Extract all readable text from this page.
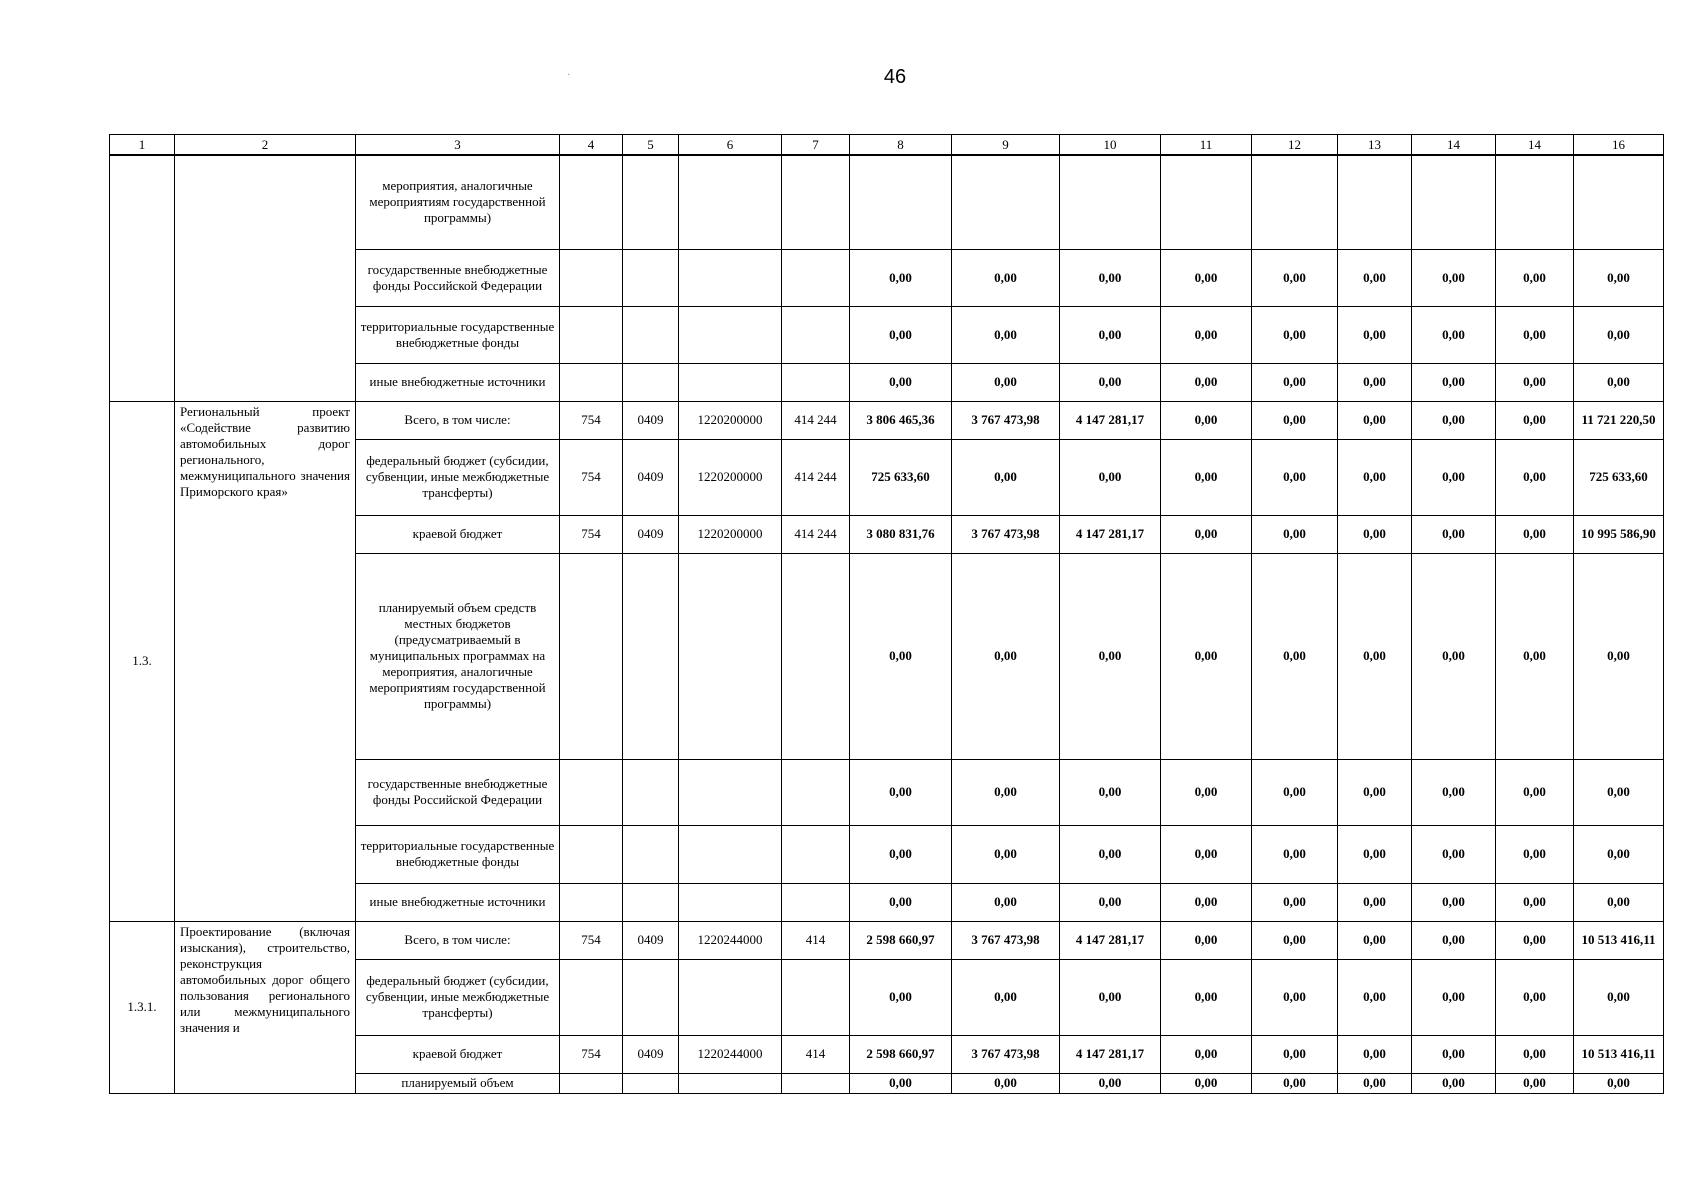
46
·
1	2	3	4	5	6	7	8	9	10	11	12	13	14	14	16
		мероприятия, аналогичные мероприятиям государственной программы)													
		государственные внебюджетные фонды Российской Федерации					0,00	0,00	0,00	0,00	0,00	0,00	0,00	0,00	0,00
		территориальные государственные внебюджетные фонды					0,00	0,00	0,00	0,00	0,00	0,00	0,00	0,00	0,00
		иные внебюджетные источники					0,00	0,00	0,00	0,00	0,00	0,00	0,00	0,00	0,00
1.3.	Региональный проект «Содействие развитию автомобильных дорог регионального, межмуниципального значения Приморского края»	Всего, в том числе:	754	0409	1220200000	414 244	3 806 465,36	3 767 473,98	4 147 281,17	0,00	0,00	0,00	0,00	0,00	11 721 220,50
		федеральный бюджет (субсидии, субвенции, иные межбюджетные трансферты)	754	0409	1220200000	414 244	725 633,60	0,00	0,00	0,00	0,00	0,00	0,00	0,00	725 633,60
		краевой бюджет	754	0409	1220200000	414 244	3 080 831,76	3 767 473,98	4 147 281,17	0,00	0,00	0,00	0,00	0,00	10 995 586,90
		планируемый объем средств местных бюджетов (предусматриваемый в муниципальных программах на мероприятия, аналогичные мероприятиям государственной программы)					0,00	0,00	0,00	0,00	0,00	0,00	0,00	0,00	0,00
		государственные внебюджетные фонды Российской Федерации					0,00	0,00	0,00	0,00	0,00	0,00	0,00	0,00	0,00
		территориальные государственные внебюджетные фонды					0,00	0,00	0,00	0,00	0,00	0,00	0,00	0,00	0,00
		иные внебюджетные источники					0,00	0,00	0,00	0,00	0,00	0,00	0,00	0,00	0,00
1.3.1.	Проектирование (включая изыскания), строительство, реконструкция автомобильных дорог общего пользования регионального или межмуниципального значения и	Всего, в том числе:	754	0409	1220244000	414	2 598 660,97	3 767 473,98	4 147 281,17	0,00	0,00	0,00	0,00	0,00	10 513 416,11
		федеральный бюджет (субсидии, субвенции, иные межбюджетные трансферты)					0,00	0,00	0,00	0,00	0,00	0,00	0,00	0,00	0,00
		краевой бюджет	754	0409	1220244000	414	2 598 660,97	3 767 473,98	4 147 281,17	0,00	0,00	0,00	0,00	0,00	10 513 416,11
		планируемый объем					0,00	0,00	0,00	0,00	0,00	0,00	0,00	0,00	0,00
